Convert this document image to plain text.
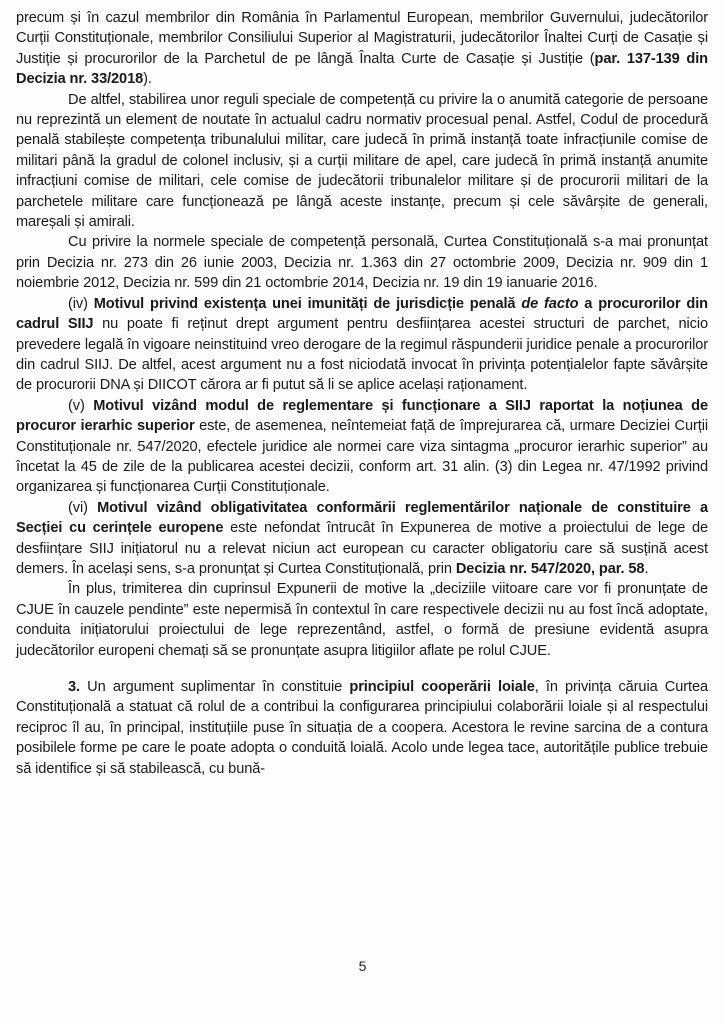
precum și în cazul membrilor din România în Parlamentul European, membrilor Guvernului, judecătorilor Curții Constituționale, membrilor Consiliului Superior al Magistraturii, judecătorilor Înaltei Curți de Casație și Justiție și procurorilor de la Parchetul de pe lângă Înalta Curte de Casație și Justiție (par. 137-139 din Decizia nr. 33/2018).

De altfel, stabilirea unor reguli speciale de competență cu privire la o anumită categorie de persoane nu reprezintă un element de noutate în actualul cadru normativ procesual penal. Astfel, Codul de procedură penală stabilește competența tribunalului militar, care judecă în primă instanță toate infracțiunile comise de militari până la gradul de colonel inclusiv, și a curții militare de apel, care judecă în primă instanță anumite infracțiuni comise de militari, cele comise de judecătorii tribunalelor militare și de procurorii militari de la parchetele militare care funcționează pe lângă aceste instanțe, precum și cele săvârșite de generali, mareșali și amirali.

Cu privire la normele speciale de competență personală, Curtea Constituțională s-a mai pronunțat prin Decizia nr. 273 din 26 iunie 2003, Decizia nr. 1.363 din 27 octombrie 2009, Decizia nr. 909 din 1 noiembrie 2012, Decizia nr. 599 din 21 octombrie 2014, Decizia nr. 19 din 19 ianuarie 2016.

(iv) Motivul privind existența unei imunități de jurisdicție penală de facto a procurorilor din cadrul SIIJ nu poate fi reținut drept argument pentru desființarea acestei structuri de parchet, nicio prevedere legală în vigoare neinstituind vreo derogare de la regimul răspunderii juridice penale a procurorilor din cadrul SIIJ. De altfel, acest argument nu a fost niciodată invocat în privința potențialelor fapte săvârșite de procurorii DNA și DIICOT cărora ar fi putut să li se aplice același raționament.

(v) Motivul vizând modul de reglementare și funcționare a SIIJ raportat la noțiunea de procuror ierarhic superior este, de asemenea, neîntemeiat față de împrejurarea că, urmare Deciziei Curții Constituționale nr. 547/2020, efectele juridice ale normei care viza sintagma „procuror ierarhic superior” au încetat la 45 de zile de la publicarea acestei decizii, conform art. 31 alin. (3) din Legea nr. 47/1992 privind organizarea și funcționarea Curții Constituționale.

(vi) Motivul vizând obligativitatea conformării reglementărilor naționale de constituire a Secției cu cerințele europene este nefondat întrucât în Expunerea de motive a proiectului de lege de desființare SIIJ inițiatorul nu a relevat niciun act european cu caracter obligatoriu care să susțină acest demers. În același sens, s-a pronunțat și Curtea Constituțională, prin Decizia nr. 547/2020, par. 58.

În plus, trimiterea din cuprinsul Expunerii de motive la „deciziile viitoare care vor fi pronunțate de CJUE în cauzele pendinte” este nepermisă în contextul în care respectivele decizii nu au fost încă adoptate, conduita inițiatorului proiectului de lege reprezentând, astfel, o formă de presiune evidentă asupra judecătorilor europeni chemați să se pronunțate asupra litigiilor aflate pe rolul CJUE.

3. Un argument suplimentar în constituie principiul cooperării loiale, în privința căruia Curtea Constituțională a statuat că rolul de a contribui la configurarea principiului colaborării loiale și al respectului reciproc îl au, în principal, instituțiile puse în situația de a coopera. Acestora le revine sarcina de a contura posibilele forme pe care le poate adopta o conduită loială. Acolo unde legea tace, autoritățile publice trebuie să identifice și să stabilească, cu bună-

5
